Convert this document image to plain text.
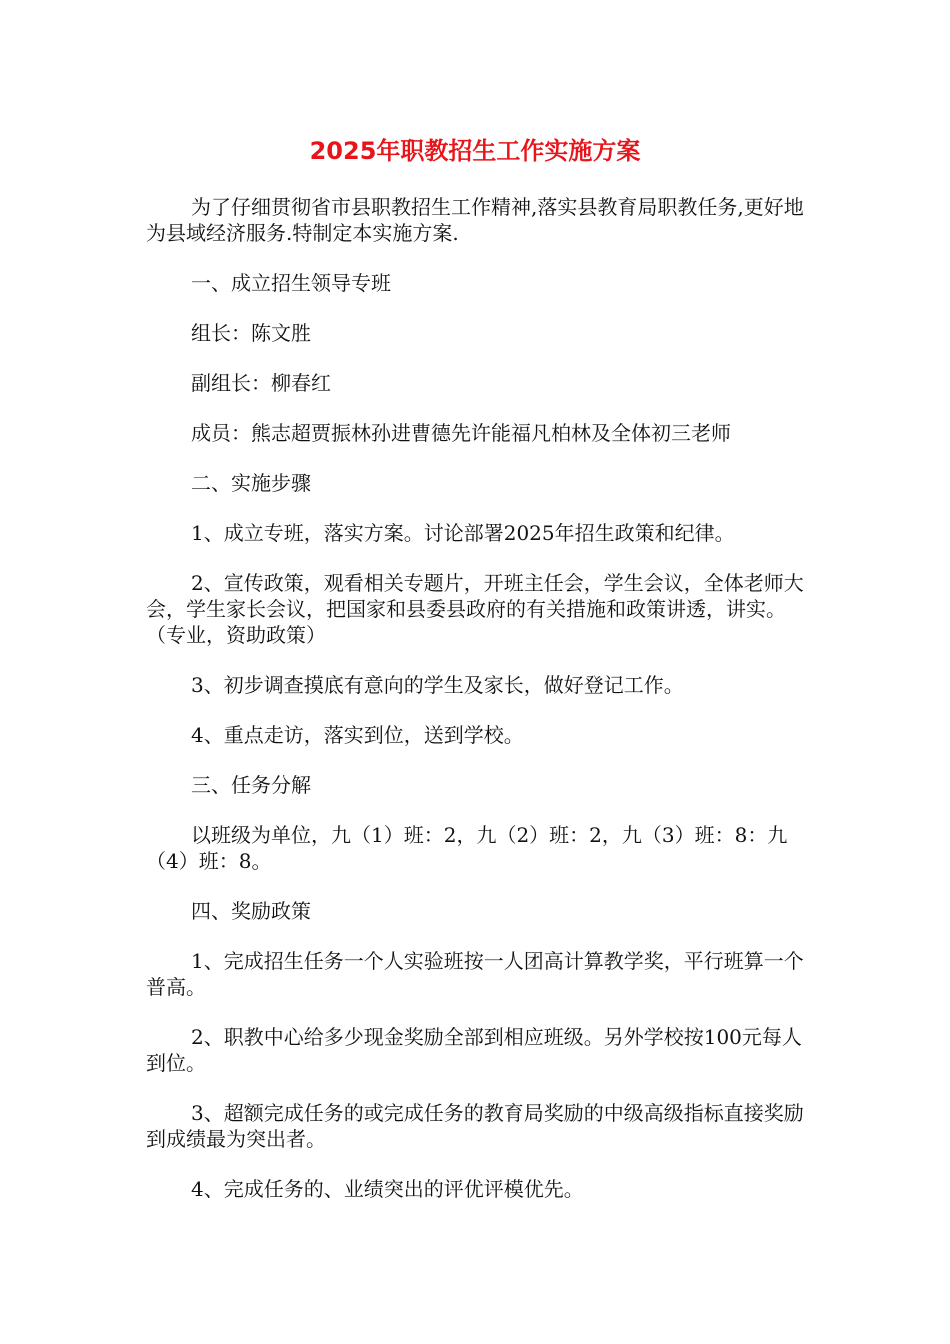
2025年职教招生工作实施方案

为了仔细贯彻省市县职教招生工作精神,落实县教育局职教任务,更好地为县域经济服务.特制定本实施方案.

一、成立招生领导专班

组长：陈文胜

副组长：柳春红

成员：熊志超贾振林孙进曹德先许能福凡柏林及全体初三老师

二、实施步骤

1、成立专班，落实方案。讨论部署2025年招生政策和纪律。

2、宣传政策，观看相关专题片，开班主任会，学生会议，全体老师大会，学生家长会议，把国家和县委县政府的有关措施和政策讲透，讲实。（专业，资助政策）

3、初步调查摸底有意向的学生及家长，做好登记工作。

4、重点走访，落实到位，送到学校。

三、任务分解

以班级为单位，九（1）班：2，九（2）班：2，九（3）班：8：九（4）班：8。

四、奖励政策

1、完成招生任务一个人实验班按一人团高计算教学奖，平行班算一个普高。

2、职教中心给多少现金奖励全部到相应班级。另外学校按100元每人到位。

3、超额完成任务的或完成任务的教育局奖励的中级高级指标直接奖励到成绩最为突出者。

4、完成任务的、业绩突出的评优评模优先。
